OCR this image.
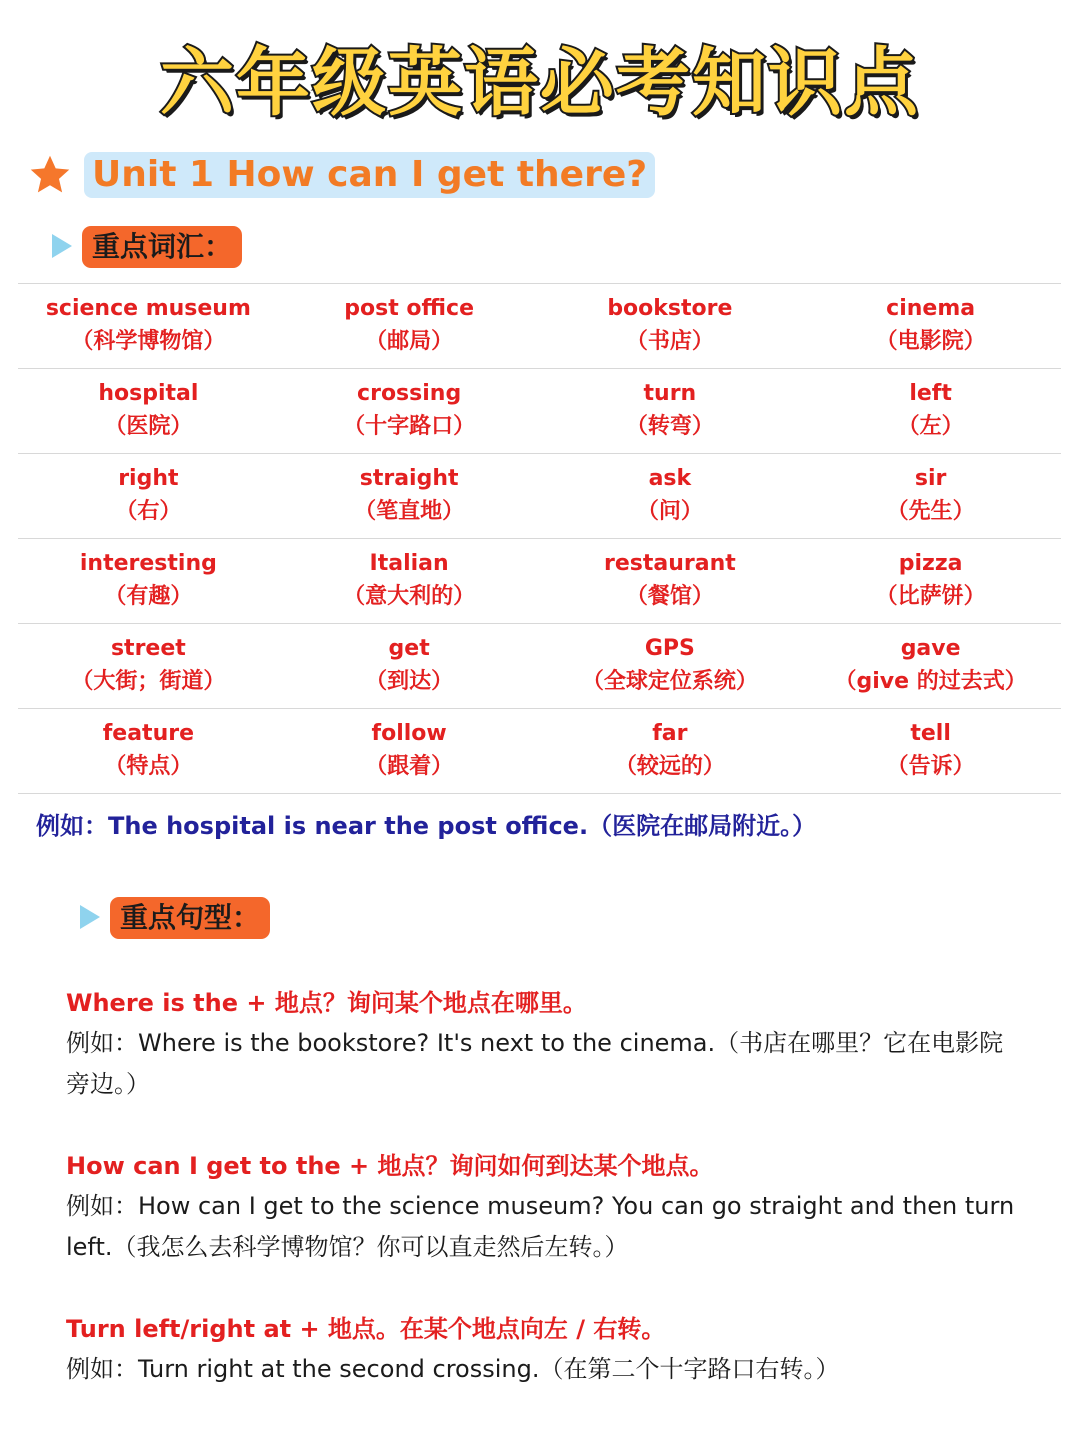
六年级英语必考知识点
Unit 1 How can I get there?
重点词汇：
science museum
（科学博物馆）
post office
（邮局）
bookstore
（书店）
cinema
（电影院）
hospital
（医院）
crossing
（十字路口）
turn
（转弯）
left
（左）
right
（右）
straight
（笔直地）
ask
（问）
sir
（先生）
interesting
（有趣）
Italian
（意大利的）
restaurant
（餐馆）
pizza
（比萨饼）
street
（大街；街道）
get
（到达）
GPS
（全球定位系统）
gave
（give 的过去式）
feature
（特点）
follow
（跟着）
far
（较远的）
tell
（告诉）
例如：The hospital is near the post office.（医院在邮局附近。）
重点句型：
Where is the + 地点？询问某个地点在哪里。
例如：Where is the bookstore? It's next to the cinema.（书店在哪里？它在电影院旁边。）
How can I get to the + 地点？询问如何到达某个地点。
例如：How can I get to the science museum? You can go straight and then turn left.（我怎么去科学博物馆？你可以直走然后左转。）
Turn left/right at + 地点。在某个地点向左 / 右转。
例如：Turn right at the second crossing.（在第二个十字路口右转。）
